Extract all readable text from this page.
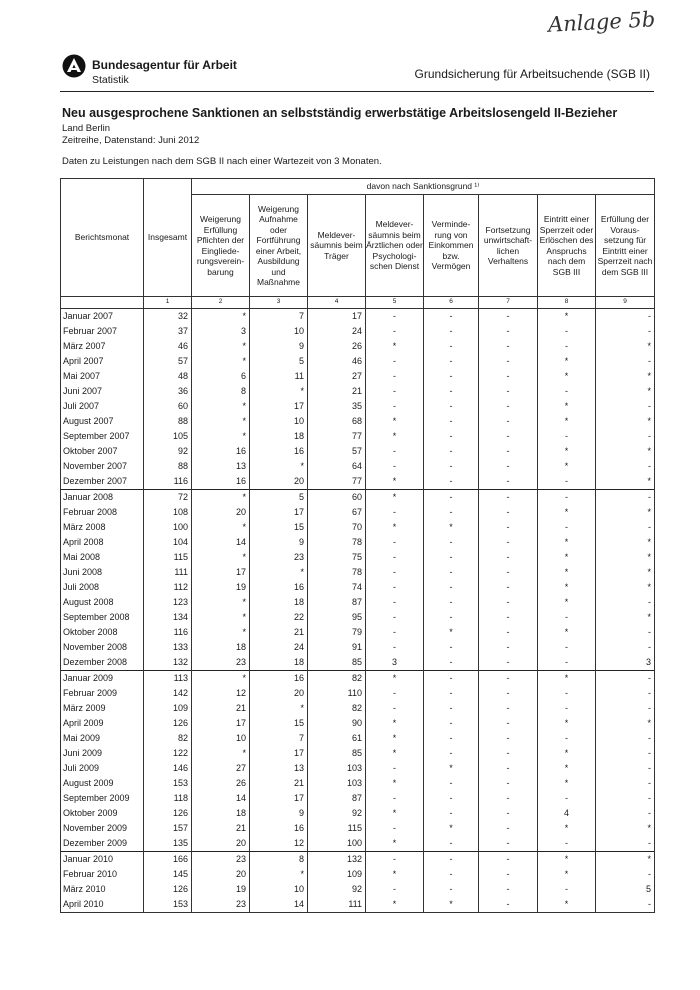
Anlage 5b
Bundesagentur für Arbeit
Statistik	Grundsicherung für Arbeitsuchende (SGB II)
Neu ausgesprochene Sanktionen an selbstständig erwerbstätige Arbeitslosengeld II-Bezieher
Land Berlin
Zeitreihe, Datenstand: Juni 2012
Daten zu Leistungen nach dem SGB II nach einer Wartezeit von 3 Monaten.
Berichtsmonat	Insgesamt	davon nach Sanktionsgrund ¹⁾							
		Weigerung Erfüllung Pflichten der Eingliede-rungsverein-barung	Weigerung Aufnahme oder Fortführung einer Arbeit, Ausbildung und Maßnahme	Meldever-säumnis beim Träger	Meldever-säumnis beim Ärztlichen oder Psychologi-schen Dienst	Verminde-rung von Einkommen bzw. Vermögen	Fortsetzung unwirtschaft-lichen Verhaltens	Eintritt einer Sperrzeit oder Erlöschen des Anspruchs nach dem SGB III	Erfüllung der Voraus-setzung für Eintritt einer Sperrzeit nach dem SGB III
	1	2	3	4	5	6	7	8	9
Januar 2007	32	*	7	17	-	-	-	*	-
Februar 2007	37	3	10	24	-	-	-	-	-
März 2007	46	*	9	26	*	-	-	-	*
April 2007	57	*	5	46	-	-	-	*	-
Mai 2007	48	6	11	27	-	-	-	*	*
Juni 2007	36	8	*	21	-	-	-	-	*
Juli 2007	60	*	17	35	-	-	-	*	-
August 2007	88	*	10	68	*	-	-	*	*
September 2007	105	*	18	77	*	-	-	-	-
Oktober 2007	92	16	16	57	-	-	-	*	*
November 2007	88	13	*	64	-	-	-	*	-
Dezember 2007	116	16	20	77	*	-	-	-	*
Januar 2008	72	*	5	60	*	-	-	-	-
Februar 2008	108	20	17	67	-	-	-	*	*
März 2008	100	*	15	70	*	*	-	-	-
April 2008	104	14	9	78	-	-	-	*	*
Mai 2008	115	*	23	75	-	-	-	*	*
Juni 2008	111	17	*	78	-	-	-	*	*
Juli 2008	112	19	16	74	-	-	-	*	*
August 2008	123	*	18	87	-	-	-	*	-
September 2008	134	*	22	95	-	-	-	-	*
Oktober 2008	116	*	21	79	-	*	-	*	-
November 2008	133	18	24	91	-	-	-	-	-
Dezember 2008	132	23	18	85	3	-	-	-	3
Januar 2009	113	*	16	82	*	-	-	*	-
Februar 2009	142	12	20	110	-	-	-	-	-
März 2009	109	21	*	82	-	-	-	-	-
April 2009	126	17	15	90	*	-	-	*	*
Mai 2009	82	10	7	61	*	-	-	-	-
Juni 2009	122	*	17	85	*	-	-	*	-
Juli 2009	146	27	13	103	-	*	-	*	-
August 2009	153	26	21	103	*	-	-	*	-
September 2009	118	14	17	87	-	-	-	-	-
Oktober 2009	126	18	9	92	*	-	-	4	-
November 2009	157	21	16	115	-	*	-	*	*
Dezember 2009	135	20	12	100	*	-	-	-	-
Januar 2010	166	23	8	132	-	-	-	*	*
Februar 2010	145	20	*	109	*	-	-	*	-
März 2010	126	19	10	92	-	-	-	-	5
April 2010	153	23	14	111	*	*	-	*	-
